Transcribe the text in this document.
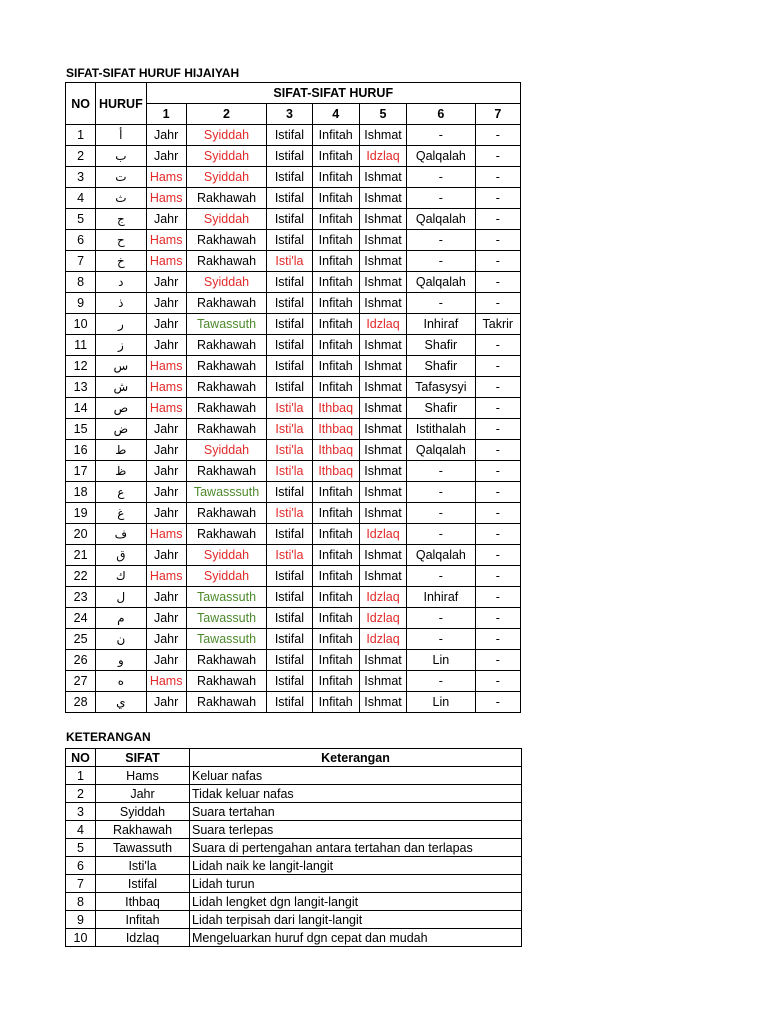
SIFAT-SIFAT HURUF HIJAIYAH
NO	HURUF	SIFAT-SIFAT HURUF						
		1	2	3	4	5	6	7
1	أ	Jahr	Syiddah	Istifal	Infitah	Ishmat	-	-
2	ب	Jahr	Syiddah	Istifal	Infitah	Idzlaq	Qalqalah	-
3	ت	Hams	Syiddah	Istifal	Infitah	Ishmat	-	-
4	ث	Hams	Rakhawah	Istifal	Infitah	Ishmat	-	-
5	ج	Jahr	Syiddah	Istifal	Infitah	Ishmat	Qalqalah	-
6	ح	Hams	Rakhawah	Istifal	Infitah	Ishmat	-	-
7	خ	Hams	Rakhawah	Isti'la	Infitah	Ishmat	-	-
8	د	Jahr	Syiddah	Istifal	Infitah	Ishmat	Qalqalah	-
9	ذ	Jahr	Rakhawah	Istifal	Infitah	Ishmat	-	-
10	ر	Jahr	Tawassuth	Istifal	Infitah	Idzlaq	Inhiraf	Takrir
11	ز	Jahr	Rakhawah	Istifal	Infitah	Ishmat	Shafir	-
12	س	Hams	Rakhawah	Istifal	Infitah	Ishmat	Shafir	-
13	ش	Hams	Rakhawah	Istifal	Infitah	Ishmat	Tafasysyi	-
14	ص	Hams	Rakhawah	Isti'la	Ithbaq	Ishmat	Shafir	-
15	ض	Jahr	Rakhawah	Isti'la	Ithbaq	Ishmat	Istithalah	-
16	ط	Jahr	Syiddah	Isti'la	Ithbaq	Ishmat	Qalqalah	-
17	ظ	Jahr	Rakhawah	Isti'la	Ithbaq	Ishmat	-	-
18	ع	Jahr	Tawasssuth	Istifal	Infitah	Ishmat	-	-
19	غ	Jahr	Rakhawah	Isti'la	Infitah	Ishmat	-	-
20	ف	Hams	Rakhawah	Istifal	Infitah	Idzlaq	-	-
21	ق	Jahr	Syiddah	Isti'la	Infitah	Ishmat	Qalqalah	-
22	ك	Hams	Syiddah	Istifal	Infitah	Ishmat	-	-
23	ل	Jahr	Tawassuth	Istifal	Infitah	Idzlaq	Inhiraf	-
24	م	Jahr	Tawassuth	Istifal	Infitah	Idzlaq	-	-
25	ن	Jahr	Tawassuth	Istifal	Infitah	Idzlaq	-	-
26	و	Jahr	Rakhawah	Istifal	Infitah	Ishmat	Lin	-
27	ه	Hams	Rakhawah	Istifal	Infitah	Ishmat	-	-
28	ي	Jahr	Rakhawah	Istifal	Infitah	Ishmat	Lin	-
KETERANGAN
NO	SIFAT	Keterangan
1	Hams	Keluar nafas
2	Jahr	Tidak keluar nafas
3	Syiddah	Suara tertahan
4	Rakhawah	Suara terlepas
5	Tawassuth	Suara di pertengahan antara tertahan dan terlapas
6	Isti'la	Lidah naik ke langit-langit
7	Istifal	Lidah turun
8	Ithbaq	Lidah lengket dgn langit-langit
9	Infitah	Lidah terpisah dari langit-langit
10	Idzlaq	Mengeluarkan huruf dgn cepat dan mudah
